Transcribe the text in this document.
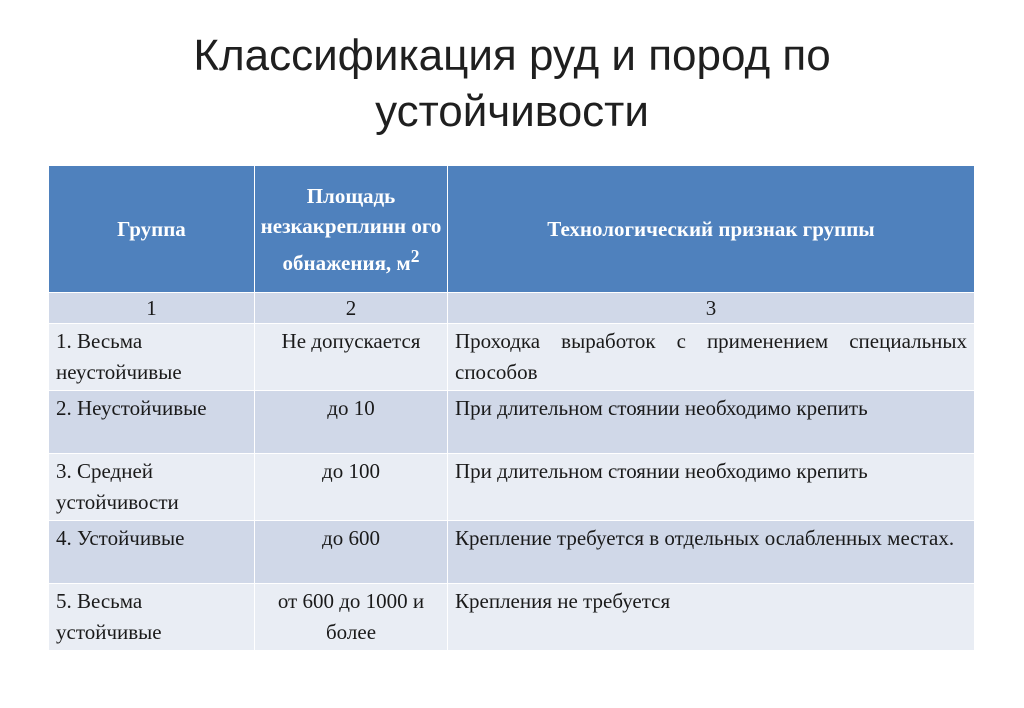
Классификация руд и пород по
устойчивости
Группа	Площадь незкакреплинн ого обнажения, $м^2$	Технологический признак группы
1	2	3
1. Весьма неустойчивые	Не допускается	Проходка выработок с применением специальных способов
2. Неустойчивые	до 10	При длительном стоянии необходимо крепить
3. Средней устойчивости	до 100	При длительном стоянии необходимо крепить
4. Устойчивые	до 600	Крепление требуется в отдельных ослабленных местах.
5. Весьма устойчивые	от 600 до 1000 и более	Крепления не требуется
